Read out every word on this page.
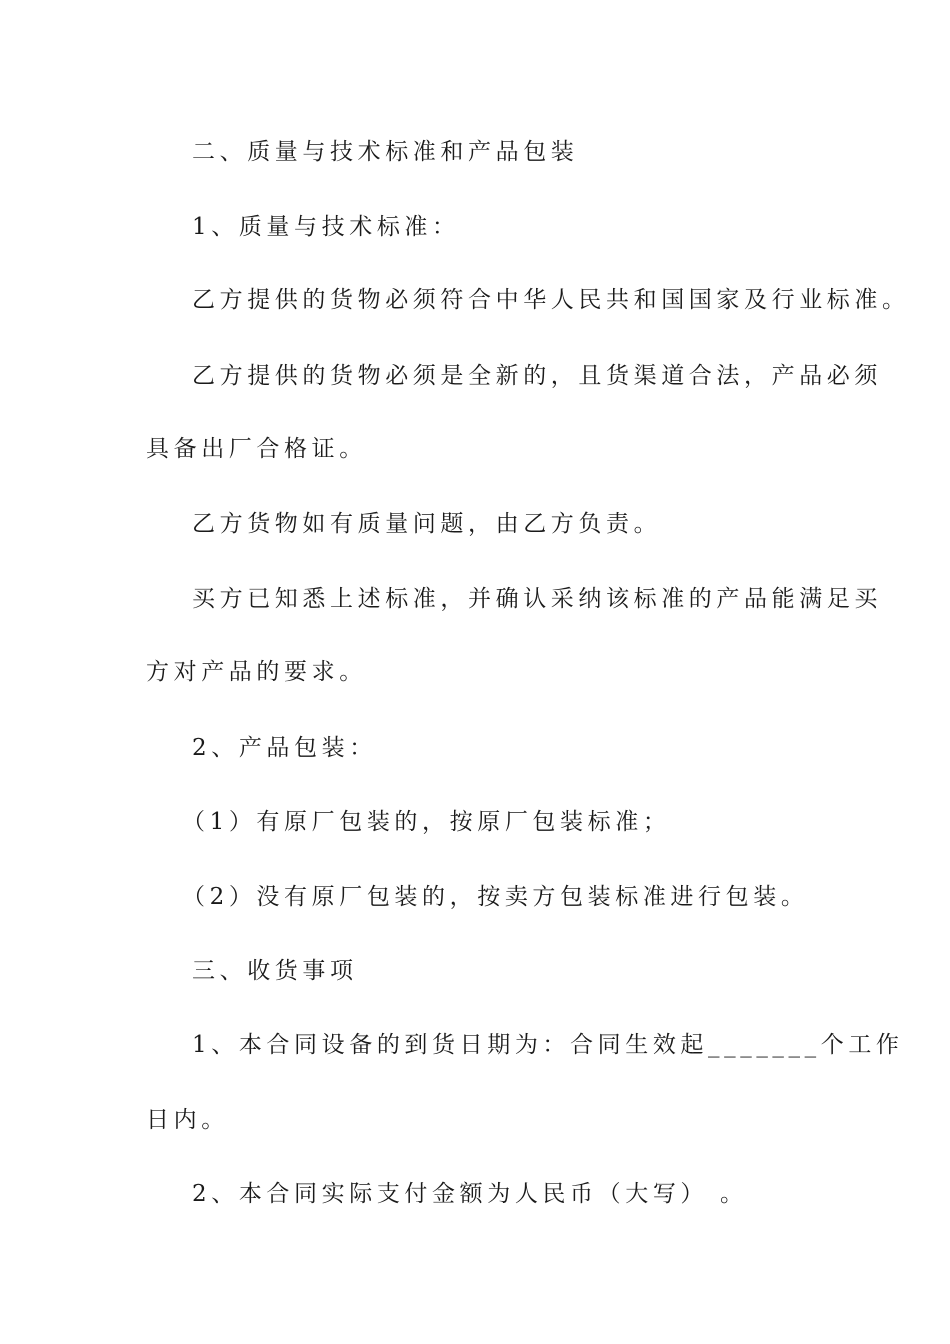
二、质量与技术标准和产品包装
1、质量与技术标准：
乙方提供的货物必须符合中华人民共和国国家及行业标准。
乙方提供的货物必须是全新的，且货渠道合法，产品必须
具备出厂合格证。
乙方货物如有质量问题，由乙方负责。
买方已知悉上述标准，并确认采纳该标准的产品能满足买
方对产品的要求。
2、产品包装：
（1）有原厂包装的，按原厂包装标准；
（2）没有原厂包装的，按卖方包装标准进行包装。
三、收货事项
1、本合同设备的到货日期为：合同生效起_______个工作
日内。
2、本合同实际支付金额为人民币（大写） 。
